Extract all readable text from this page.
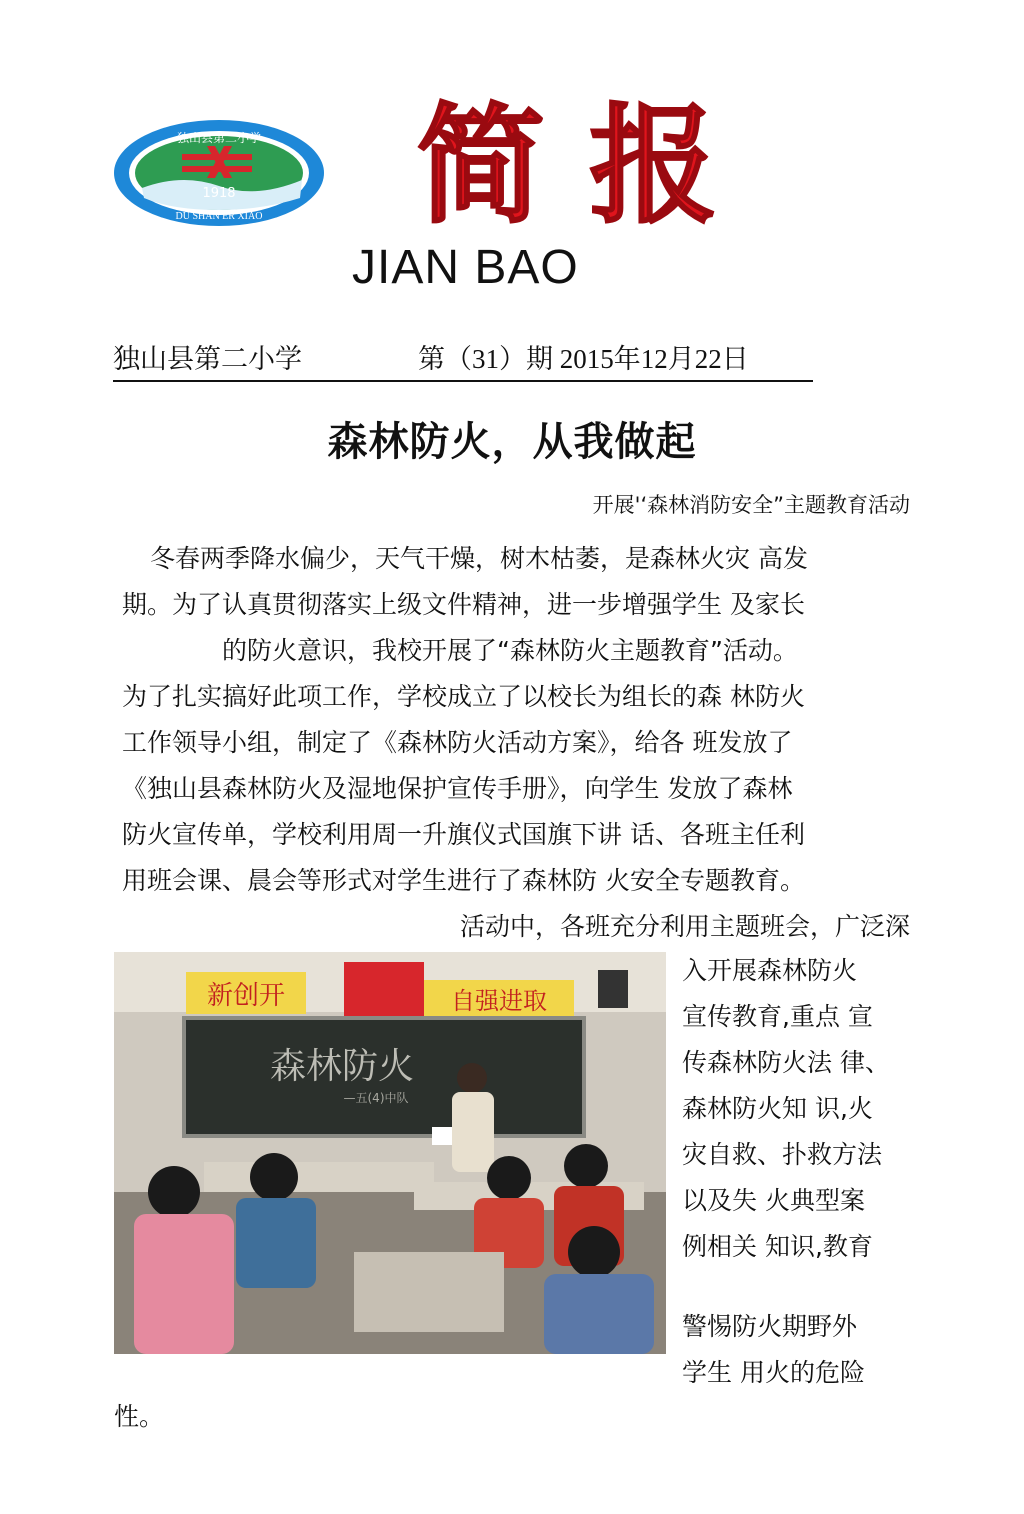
独山县第二小学
1918
DU SHAN ER XIAO 简 报
JIAN BAO
独山县第二小学	第（31）期 2015年12月22日
森林防火，从我做起
开展'‘森林消防安全”主题教育活动
冬春两季降水偏少，天气干燥，树木枯萎，是森林火灾 高发
期。为了认真贯彻落实上级文件精神，进一步增强学生 及家长
的防火意识，我校开展了“森林防火主题教育”活动。
为了扎实搞好此项工作，学校成立了以校长为组长的森 林防火
工作领导小组，制定了《森林防火活动方案》，给各 班发放了
《独山县森林防火及湿地保护宣传手册》，向学生 发放了森林
防火宣传单，学校利用周一升旗仪式国旗下讲 话、各班主任利
用班会课、晨会等形式对学生进行了森林防 火安全专题教育。
活动中，各班充分利用主题班会，广泛深
新创开	自强进取
森林防火
—五(4)中队
入开展森林防火
宣传教育,重点 宣
传森林防火法 律、
森林防火知 识,火
灾自救、扑救方法
以及失 火典型案
例相关 知识,教育
警惕防火期野外
学生 用火的危险
性。
